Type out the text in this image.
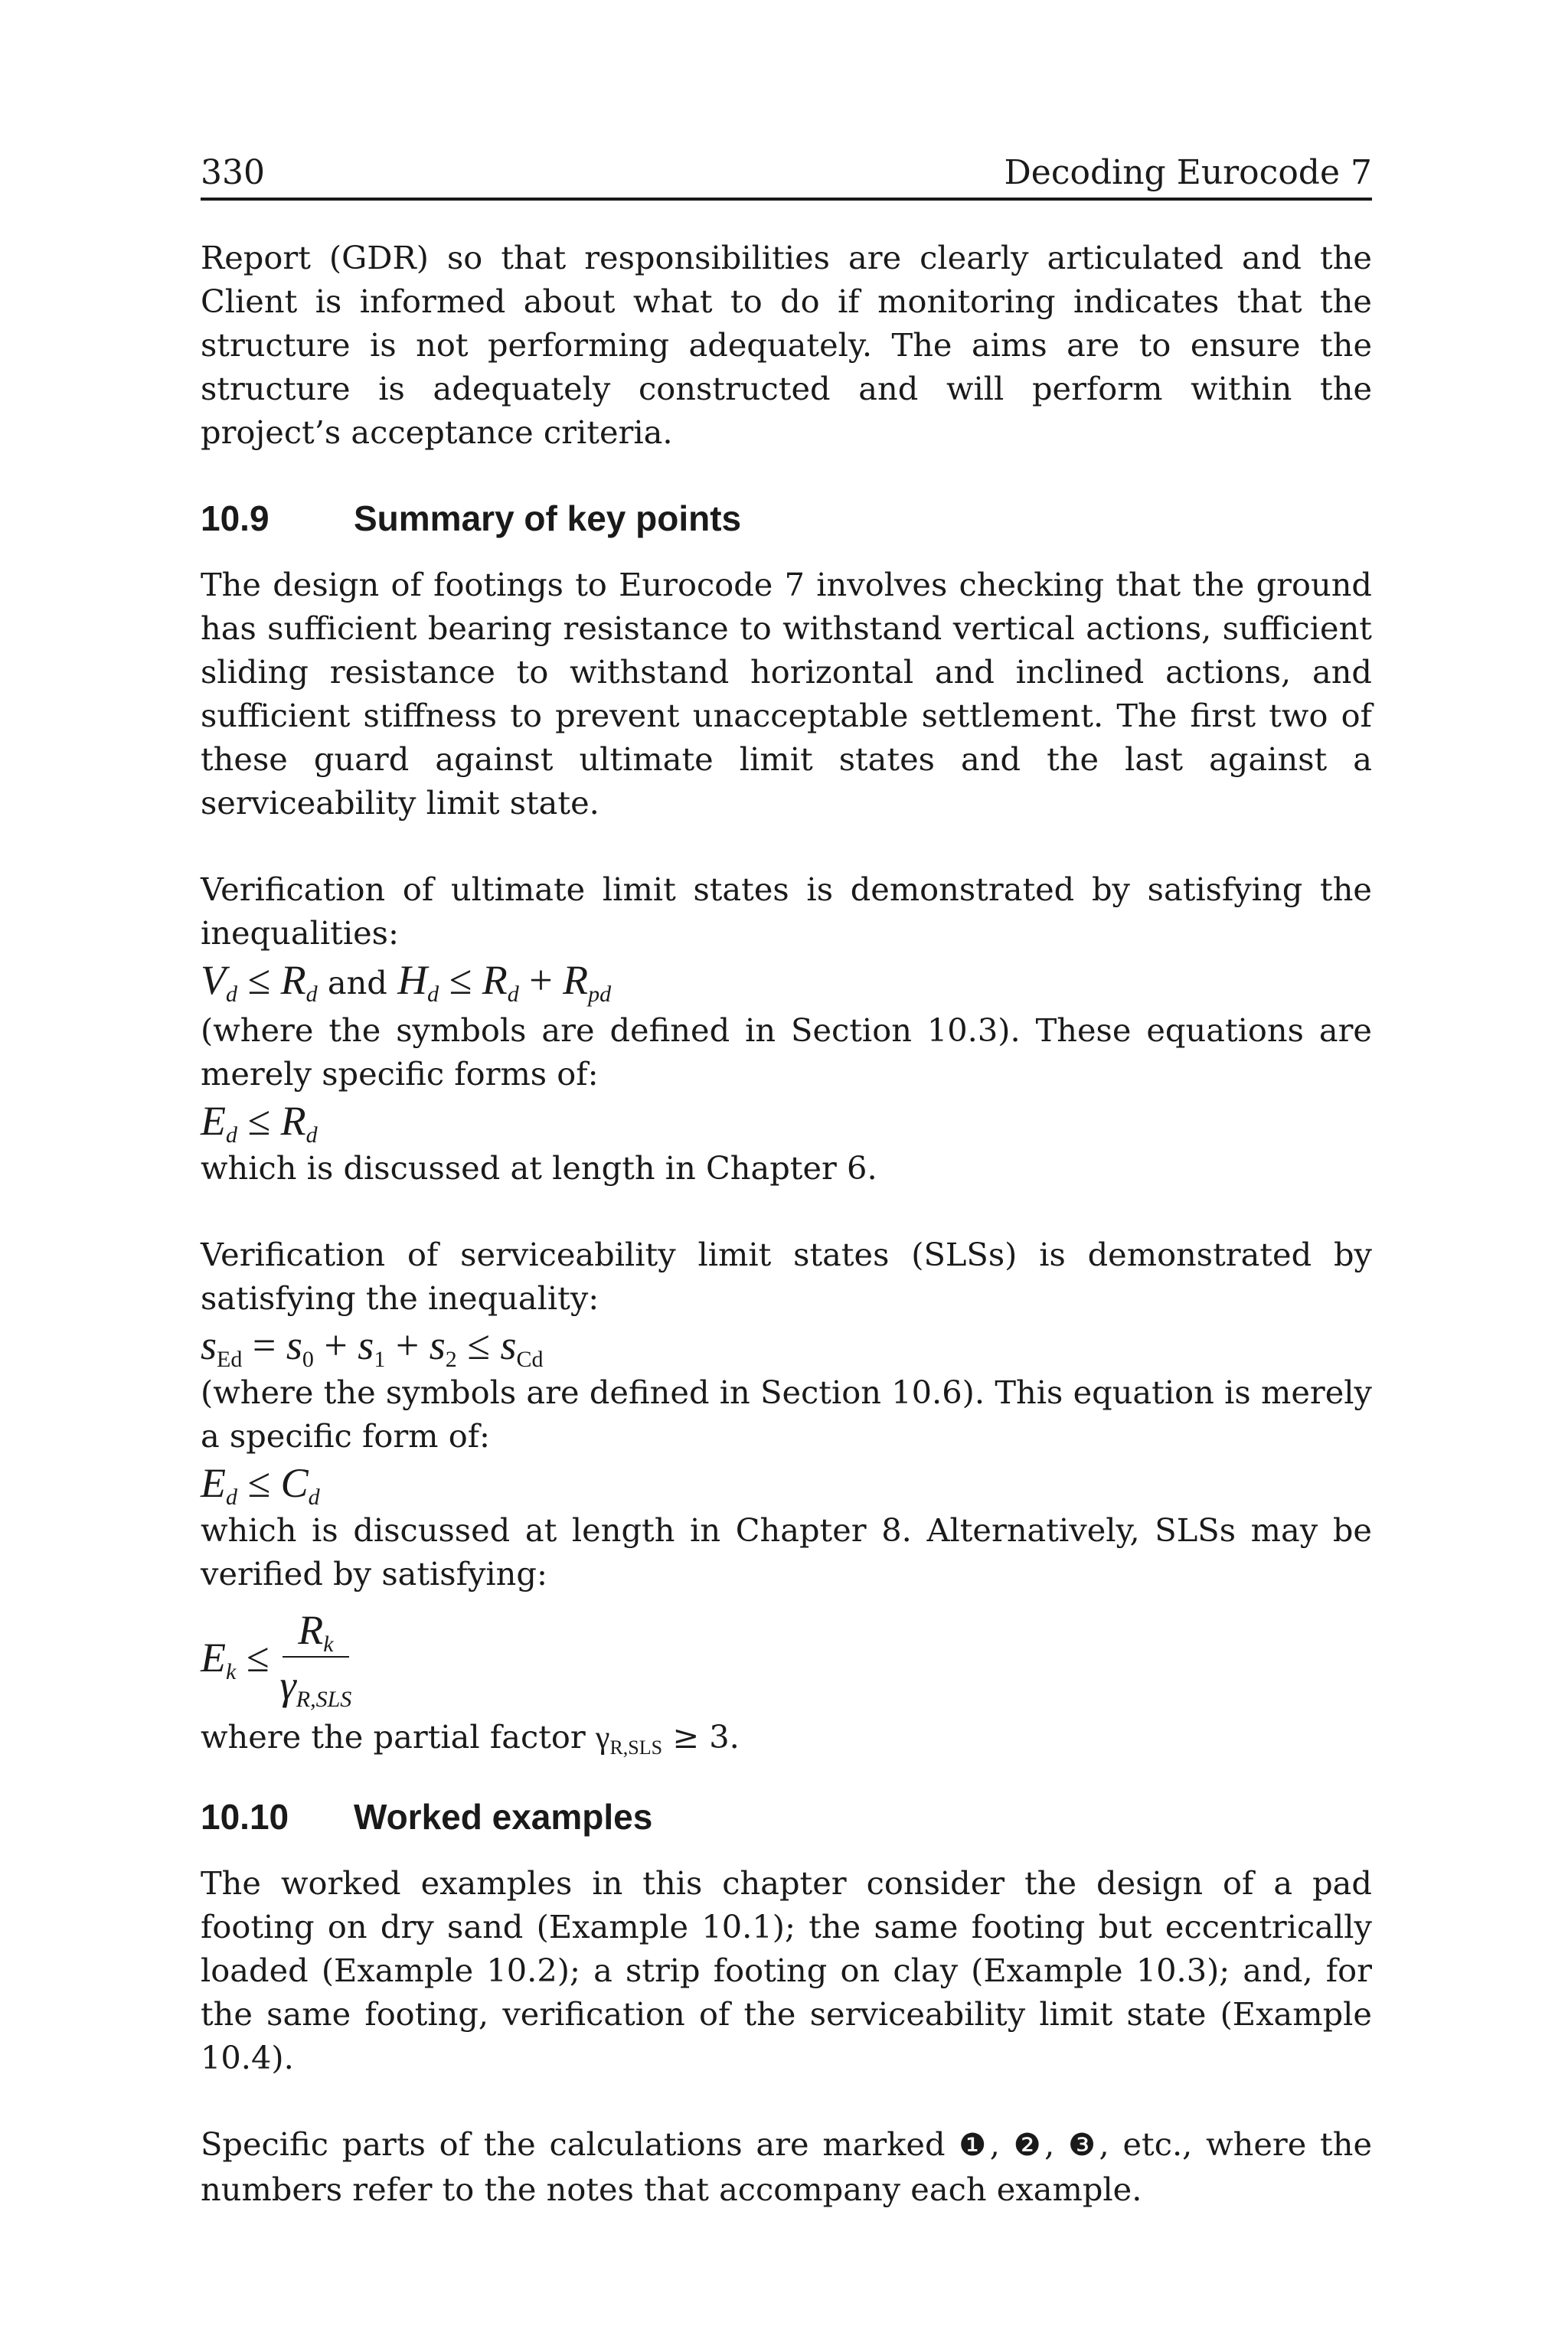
330	Decoding Eurocode 7

Report (GDR) so that responsibilities are clearly articulated and the Client is informed about what to do if monitoring indicates that the structure is not performing adequately. The aims are to ensure the structure is adequately constructed and will perform within the project’s acceptance criteria.

10.9 Summary of key points

The design of footings to Eurocode 7 involves checking that the ground has sufficient bearing resistance to withstand vertical actions, sufficient sliding resistance to withstand horizontal and inclined actions, and sufficient stiffness to prevent unacceptable settlement. The first two of these guard against ultimate limit states and the last against a serviceability limit state.

Verification of ultimate limit states is demonstrated by satisfying the inequalities:

$V_d \le R_d$ and $H_d \le R_d + R_{pd}$

(where the symbols are defined in Section 10.3). These equations are merely specific forms of:

$E_d \le R_d$

which is discussed at length in Chapter 6.

Verification of serviceability limit states (SLSs) is demonstrated by satisfying the inequality:

$s_{Ed} = s_0 + s_1 + s_2 \le s_{Cd}$

(where the symbols are defined in Section 10.6). This equation is merely a specific form of:

$E_d \le C_d$

which is discussed at length in Chapter 8. Alternatively, SLSs may be verified by satisfying:

$E_k \le \frac{R_k}{\gamma_{R,SLS}}$

where the partial factor $\gamma_{R,SLS} \ge 3$.

10.10 Worked examples

The worked examples in this chapter consider the design of a pad footing on dry sand (Example 10.1); the same footing but eccentrically loaded (Example 10.2); a strip footing on clay (Example 10.3); and, for the same footing, verification of the serviceability limit state (Example 10.4).

Specific parts of the calculations are marked ❶, ❷, ❸, etc., where the numbers refer to the notes that accompany each example.
